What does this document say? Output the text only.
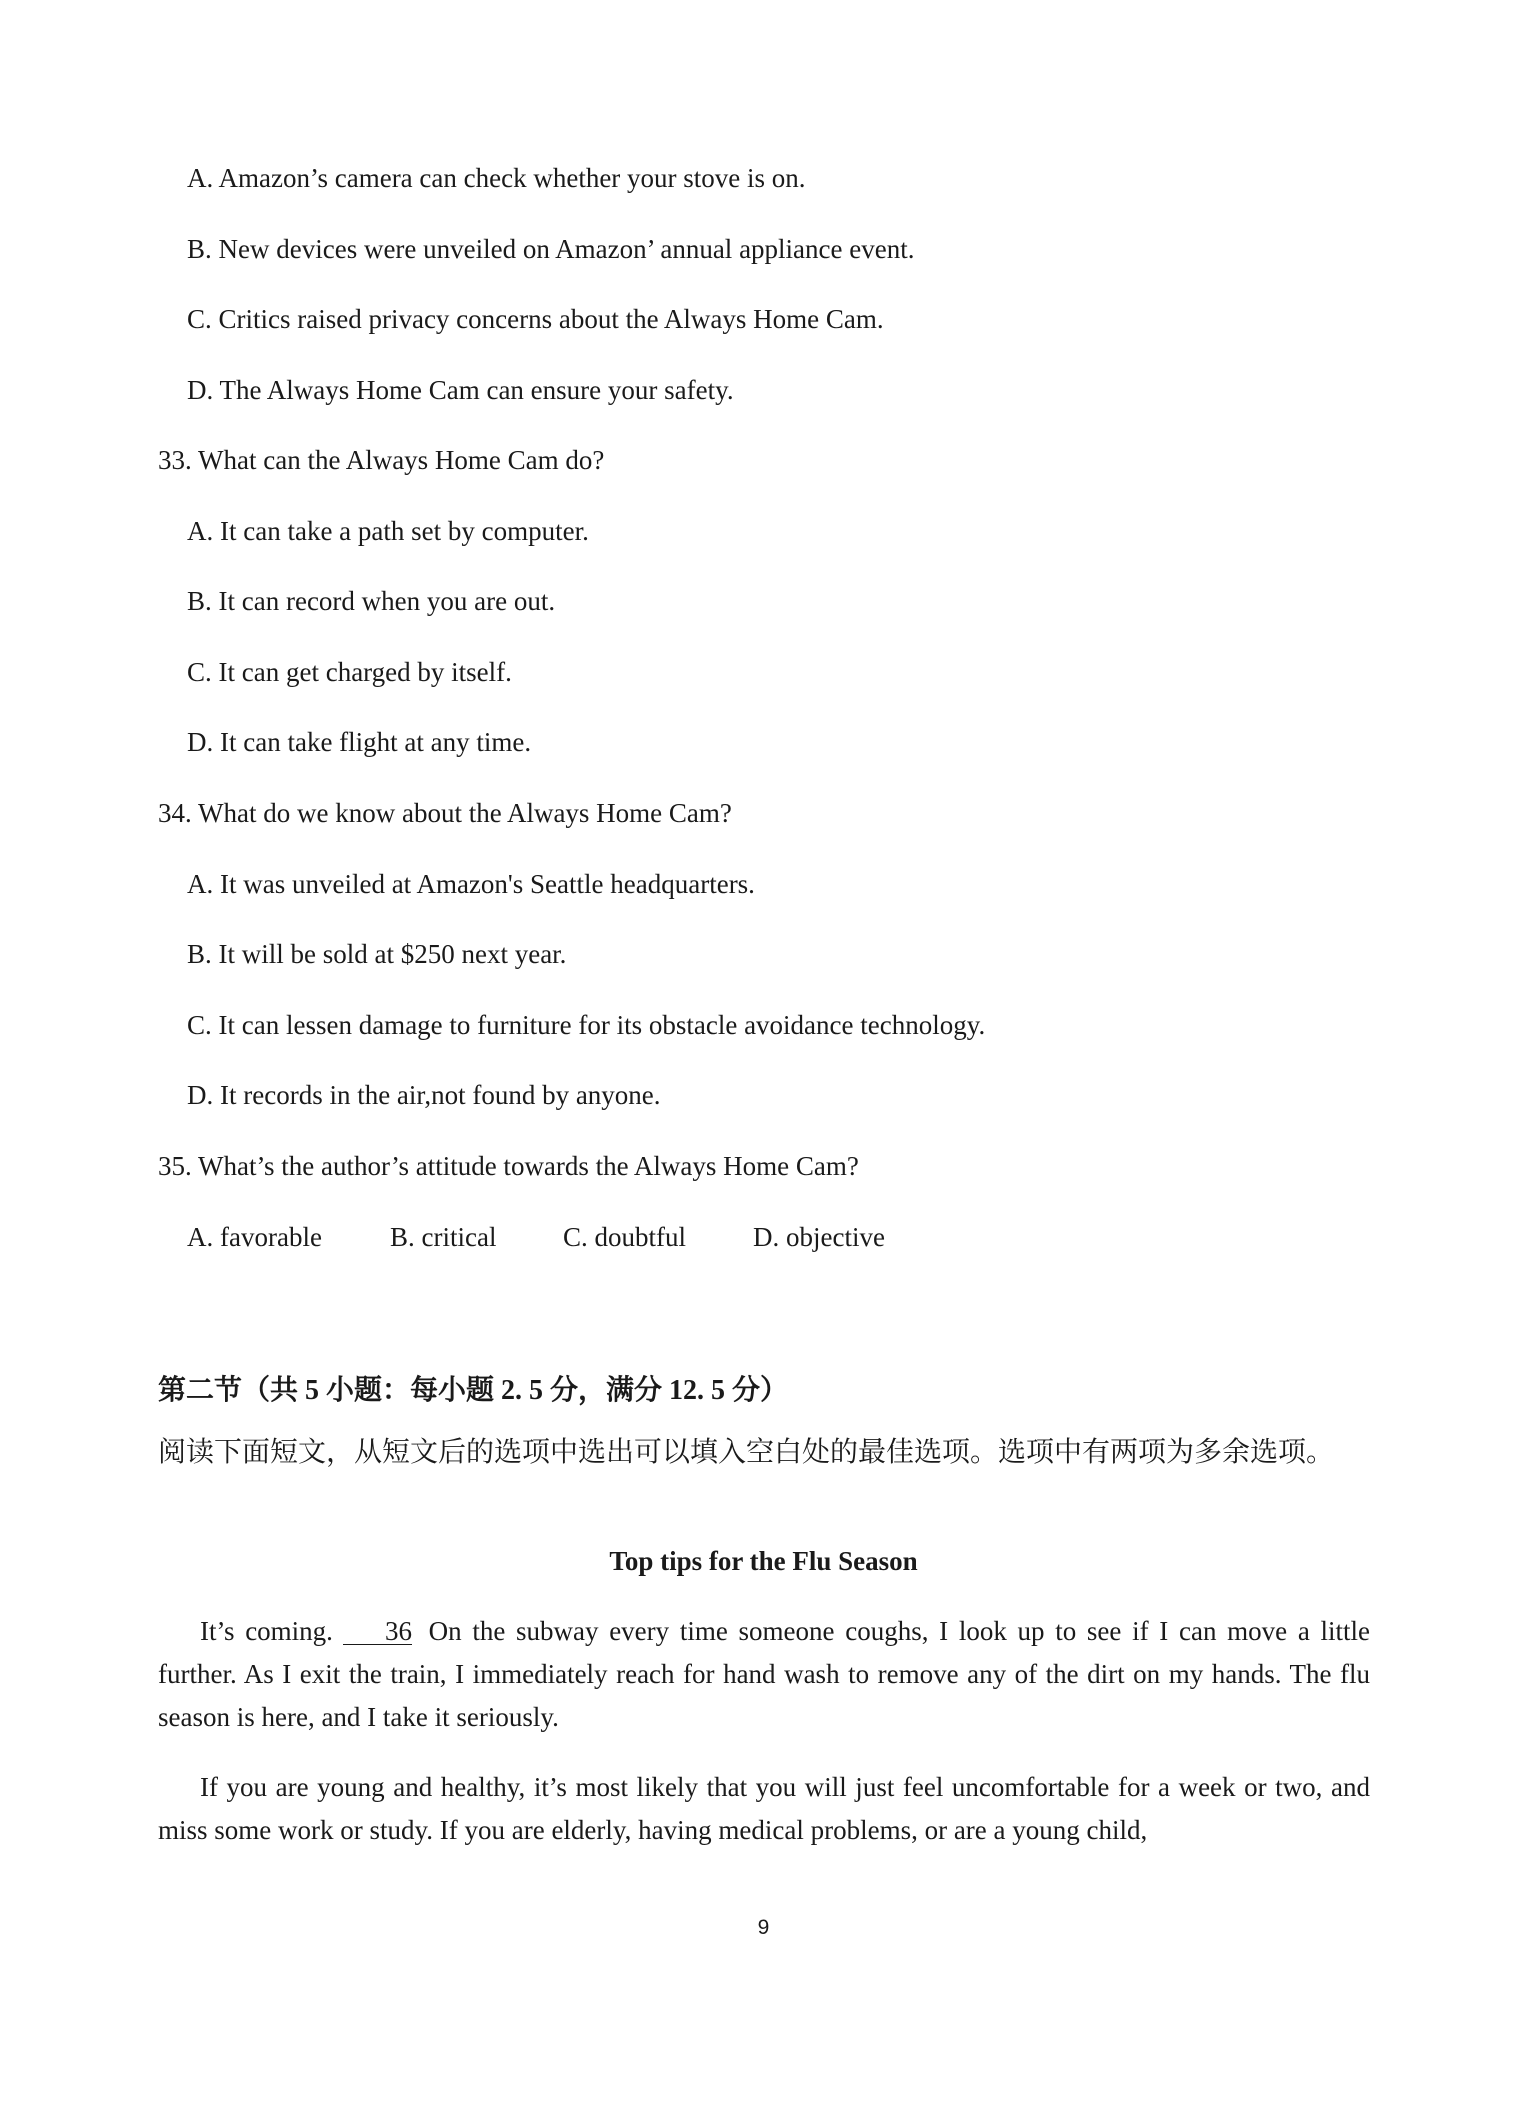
A. Amazon’s camera can check whether your stove is on.
B. New devices were unveiled on Amazon’ annual appliance event.
C. Critics raised privacy concerns about the Always Home Cam.
D. The Always Home Cam can ensure your safety.
33. What can the Always Home Cam do?
A. It can take a path set by computer.
B. It can record when you are out.
C. It can get charged by itself.
D. It can take flight at any time.
34. What do we know about the Always Home Cam?
A. It was unveiled at Amazon's Seattle headquarters.
B. It will be sold at $250 next year.
C. It can lessen damage to furniture for its obstacle avoidance technology.
D. It records in the air,not found by anyone.
35. What’s the author’s attitude towards the Always Home Cam?
A. favorable	B. critical C. doubtful D. objective
第二节（共 5 小题：每小题 2. 5 分，满分 12. 5 分）
阅读下面短文，从短文后的选项中选出可以填入空白处的最佳选项。选项中有两项为多余选项。
Top tips for the Flu Season
It’s coming. 36 On the subway every time someone coughs, I look up to see if I can move a little further. As I exit the train, I immediately reach for hand wash to remove any of the dirt on my hands. The flu season is here, and I take it seriously.
If you are young and healthy, it’s most likely that you will just feel uncomfortable for a week or two, and miss some work or study. If you are elderly, having medical problems, or are a young child,
9
